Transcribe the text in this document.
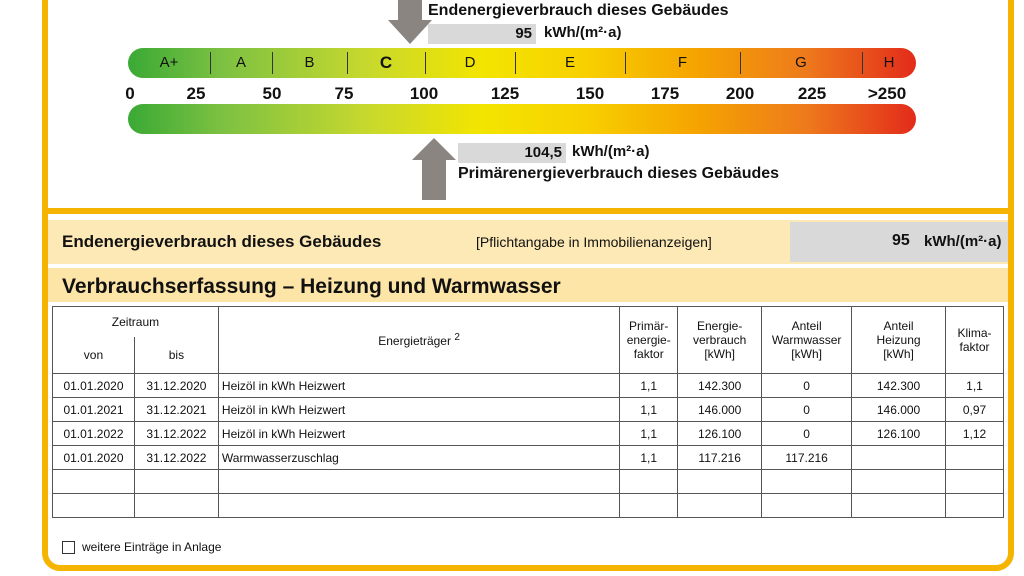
Endenergieverbrauch dieses Gebäudes
95 kWh/(m²·a)
A+	A	B	C	D	E	F	G	H
0	25	50	75	100	125	150	175	200	225 >250
104,5 kWh/(m²·a)
Primärenergieverbrauch dieses Gebäudes
Endenergieverbrauch dieses Gebäudes	[Pflichtangabe in Immobilienanzeigen]	95 kWh/(m²·a)
Verbrauchserfassung – Heizung und Warmwasser
Zeitraum		Energieträger $^2$	Primär-
energie-
faktor	Energie-
verbrauch
[kWh]	Anteil
Warmwasser
[kWh]	Anteil
Heizung
[kWh]	Klima-
faktor
von	bis						
01.01.2020	31.12.2020	Heizöl in kWh Heizwert	1,1	142.300	0	142.300	1,1
01.01.2021	31.12.2021	Heizöl in kWh Heizwert	1,1	146.000	0	146.000	0,97
01.01.2022	31.12.2022	Heizöl in kWh Heizwert	1,1	126.100	0	126.100	1,12
01.01.2020	31.12.2022	Warmwasserzuschlag	1,1	117.216	117.216		

weitere Einträge in Anlage
